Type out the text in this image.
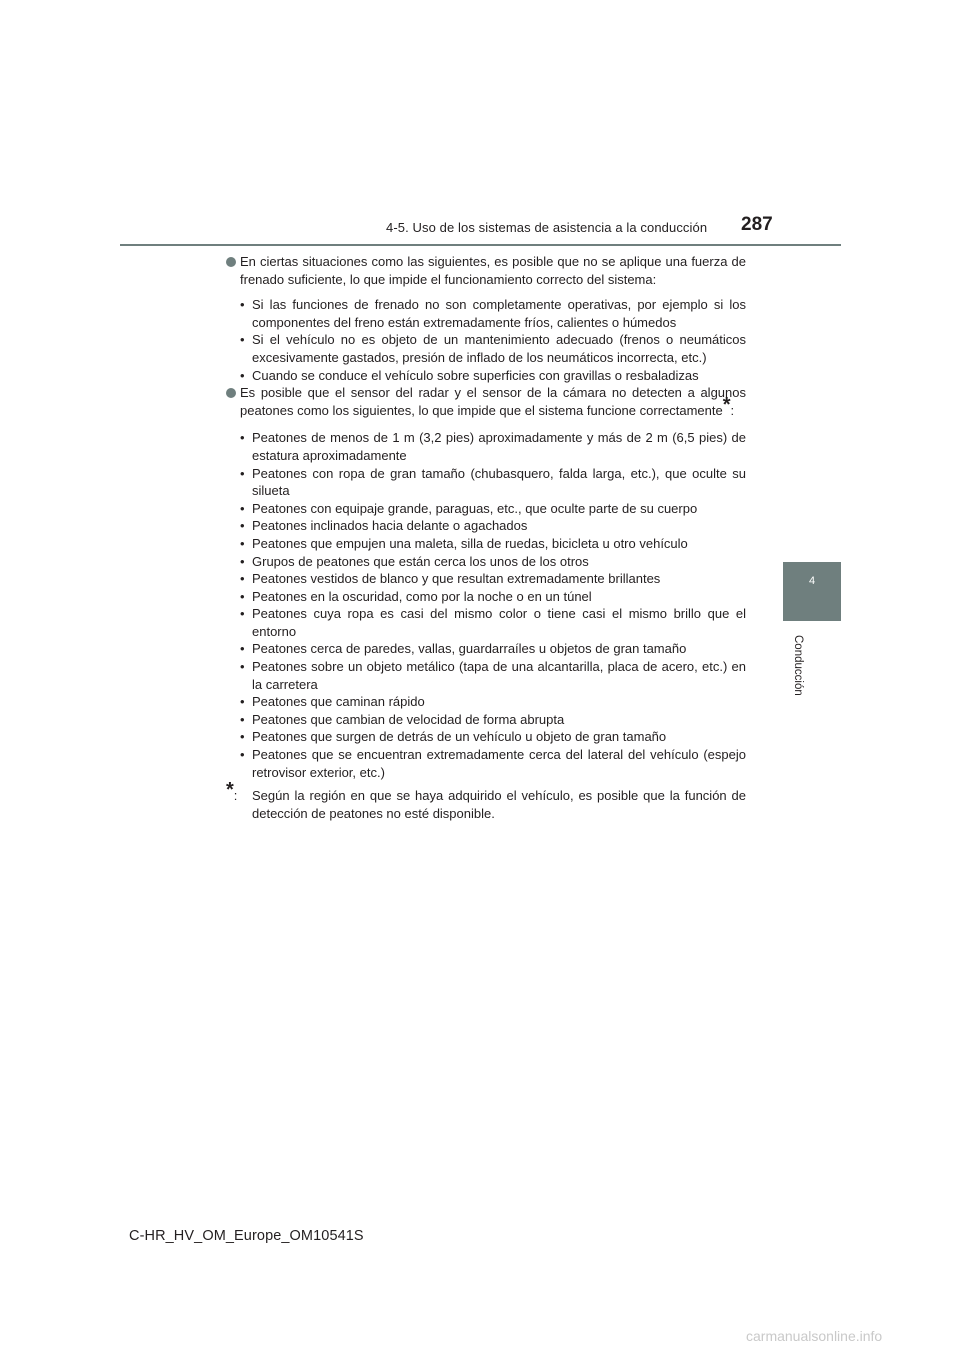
4-5. Uso de los sistemas de asistencia a la conducción 287
4
Conducción
En ciertas situaciones como las siguientes, es posible que no se aplique una fuerza de frenado suficiente, lo que impide el funcionamiento correcto del sistema:
• Si las funciones de frenado no son completamente operativas, por ejemplo si los componentes del freno están extremadamente fríos, calientes o húmedos
• Si el vehículo no es objeto de un mantenimiento adecuado (frenos o neumáticos excesivamente gastados, presión de inflado de los neumáticos incorrecta, etc.)
• Cuando se conduce el vehículo sobre superficies con gravillas o resbaladizas
Es posible que el sensor del radar y el sensor de la cámara no detecten a algunos peatones como los siguientes, lo que impide que el sistema funcione correctamente*:
• Peatones de menos de 1 m (3,2 pies) aproximadamente y más de 2 m (6,5 pies) de estatura aproximadamente
• Peatones con ropa de gran tamaño (chubasquero, falda larga, etc.), que oculte su silueta
• Peatones con equipaje grande, paraguas, etc., que oculte parte de su cuerpo
• Peatones inclinados hacia delante o agachados
• Peatones que empujen una maleta, silla de ruedas, bicicleta u otro vehículo
• Grupos de peatones que están cerca los unos de los otros
• Peatones vestidos de blanco y que resultan extremadamente brillantes
• Peatones en la oscuridad, como por la noche o en un túnel
• Peatones cuya ropa es casi del mismo color o tiene casi el mismo brillo que el entorno
• Peatones cerca de paredes, vallas, guardarraíles u objetos de gran tamaño
• Peatones sobre un objeto metálico (tapa de una alcantarilla, placa de acero, etc.) en la carretera
• Peatones que caminan rápido
• Peatones que cambian de velocidad de forma abrupta
• Peatones que surgen de detrás de un vehículo u objeto de gran tamaño
• Peatones que se encuentran extremadamente cerca del lateral del vehículo (espejo retrovisor exterior, etc.)
*: Según la región en que se haya adquirido el vehículo, es posible que la función de detección de peatones no esté disponible.
C-HR_HV_OM_Europe_OM10541S
carmanualsonline.info
